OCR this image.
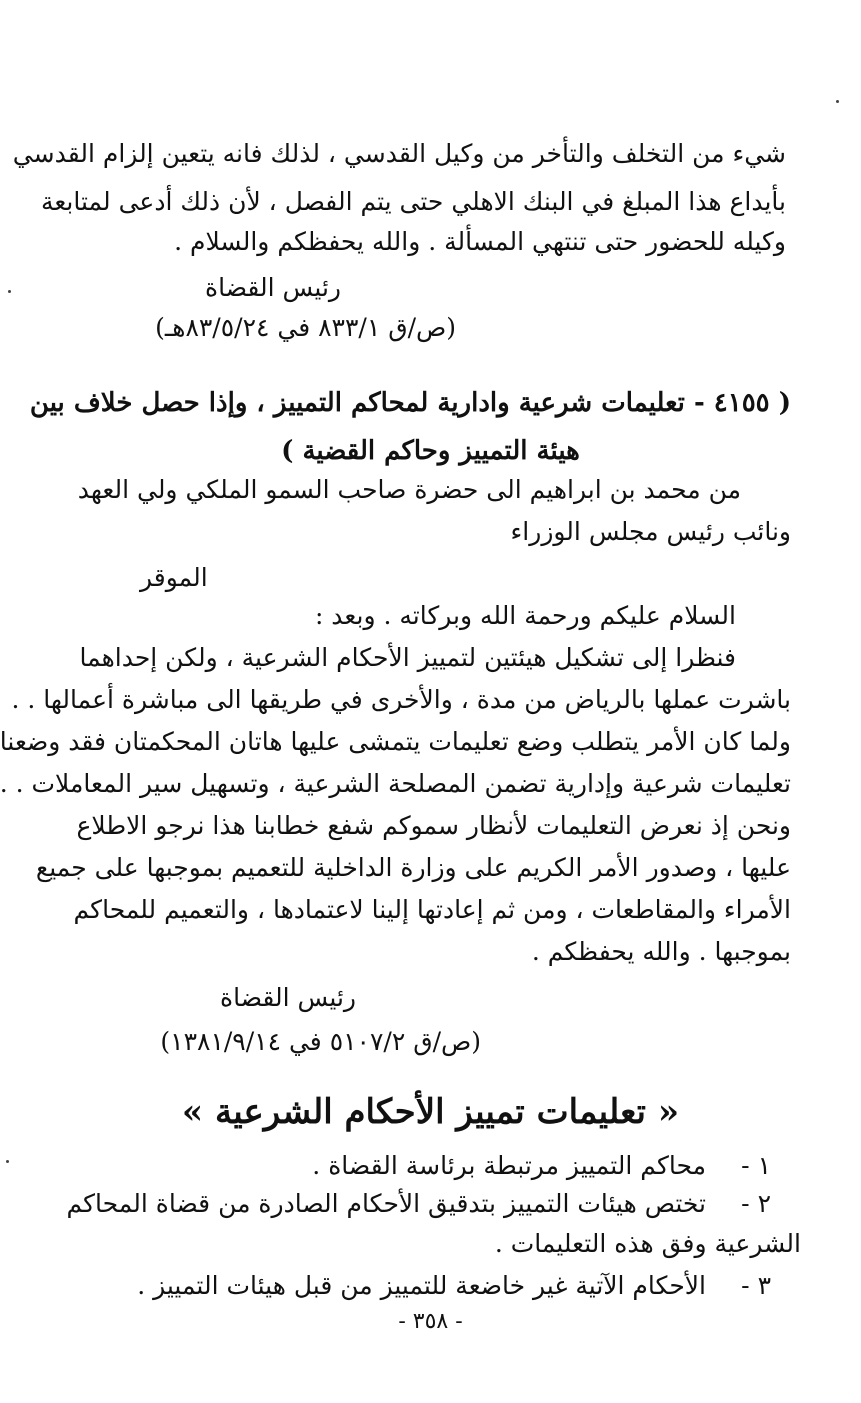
شيء من التخلف والتأخر من وكيل القدسي ، لذلك فانه يتعين إلزام القدسي
بأيداع هذا المبلغ في البنك الاهلي حتى يتم الفصل ، لأن ذلك أدعى لمتابعة
وكيله للحضور حتى تنتهي المسألة . والله يحفظكم والسلام .
رئيس القضاة
(ص/ق ٨٣٣/١ في ٨٣/٥/٢٤هـ)
( ٤١٥٥ - تعليمات شرعية وادارية لمحاكم التمييز ، وإذا حصل خلاف بين
هيئة التمييز وحاكم القضية )
من محمد بن ابراهيم الى حضرة صاحب السمو الملكي ولي العهد
ونائب رئيس مجلس الوزراء
الموقر
السلام عليكم ورحمة الله وبركاته . وبعد :
فنظرا إلى تشكيل هيئتين لتمييز الأحكام الشرعية ، ولكن إحداهما
باشرت عملها بالرياض من مدة ، والأخرى في طريقها الى مباشرة أعمالها . .
ولما كان الأمر يتطلب وضع تعليمات يتمشى عليها هاتان المحكمتان فقد وضعنا
تعليمات شرعية وإدارية تضمن المصلحة الشرعية ، وتسهيل سير المعاملات . .
ونحن إذ نعرض التعليمات لأنظار سموكم شفع خطابنا هذا نرجو الاطلاع
عليها ، وصدور الأمر الكريم على وزارة الداخلية للتعميم بموجبها على جميع
الأمراء والمقاطعات ، ومن ثم إعادتها إلينا لاعتمادها ، والتعميم للمحاكم
بموجبها . والله يحفظكم .
رئيس القضاة
(ص/ق ٥١٠٧/٢ في ١٣٨١/٩/١٤)
« تعليمات تمييز الأحكام الشرعية »
١ -
محاكم التمييز مرتبطة برئاسة القضاة .
٢ -
تختص هيئات التمييز بتدقيق الأحكام الصادرة من قضاة المحاكم
الشرعية وفق هذه التعليمات .
٣ -
الأحكام الآتية غير خاضعة للتمييز من قبل هيئات التمييز .
- ٣٥٨ -
